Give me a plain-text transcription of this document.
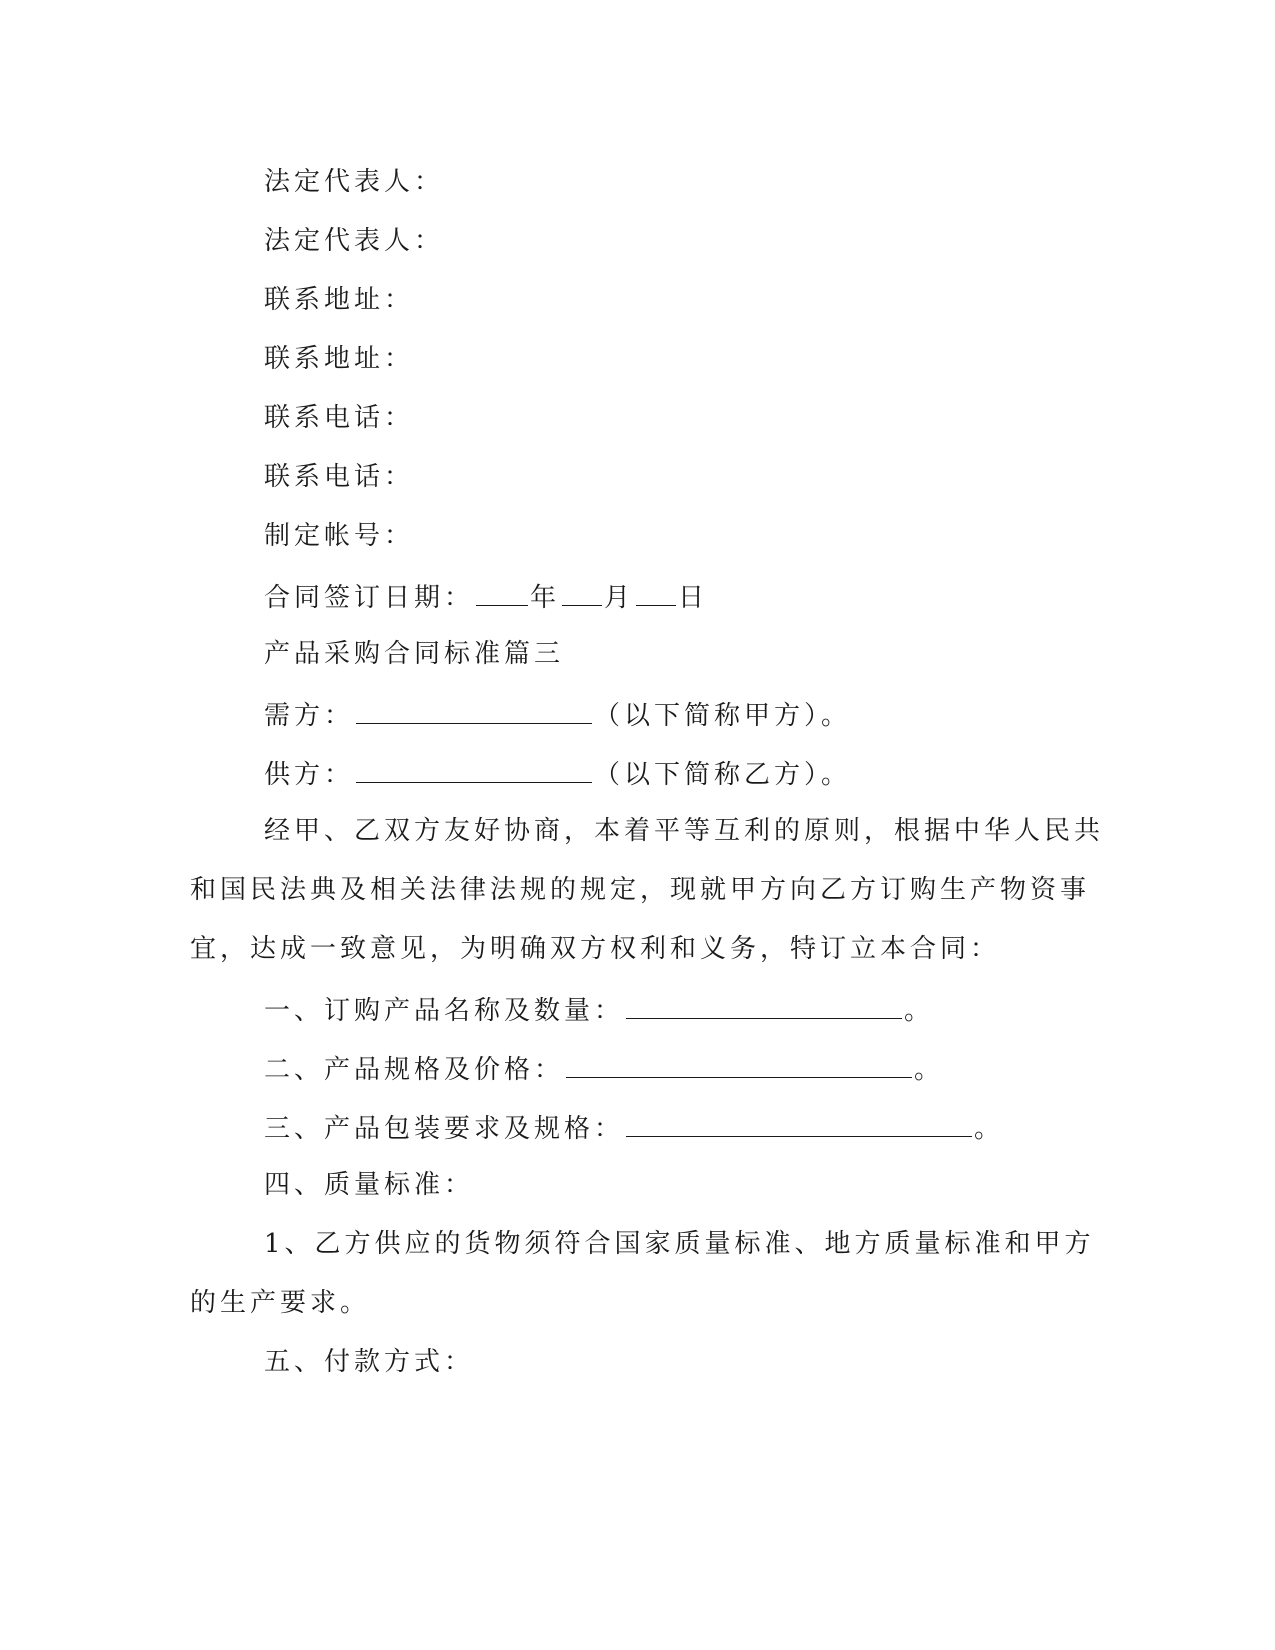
法定代表人：
法定代表人：
联系地址：
联系地址：
联系电话：
联系电话：
制定帐号：
合同签订日期： 年 月 日
产品采购合同标准篇三
需方：	（以下简称甲方）。
供方：	（以下简称乙方）。
经甲、乙双方友好协商，本着平等互利的原则，根据中华人民共
和国民法典及相关法律法规的规定，现就甲方向乙方订购生产物资事
宜，达成一致意见，为明确双方权利和义务，特订立本合同：
一、订购产品名称及数量：	。
二、产品规格及价格：	。
三、产品包装要求及规格：	。
四、质量标准：
1、乙方供应的货物须符合国家质量标准、地方质量标准和甲方
的生产要求。
五、付款方式：
